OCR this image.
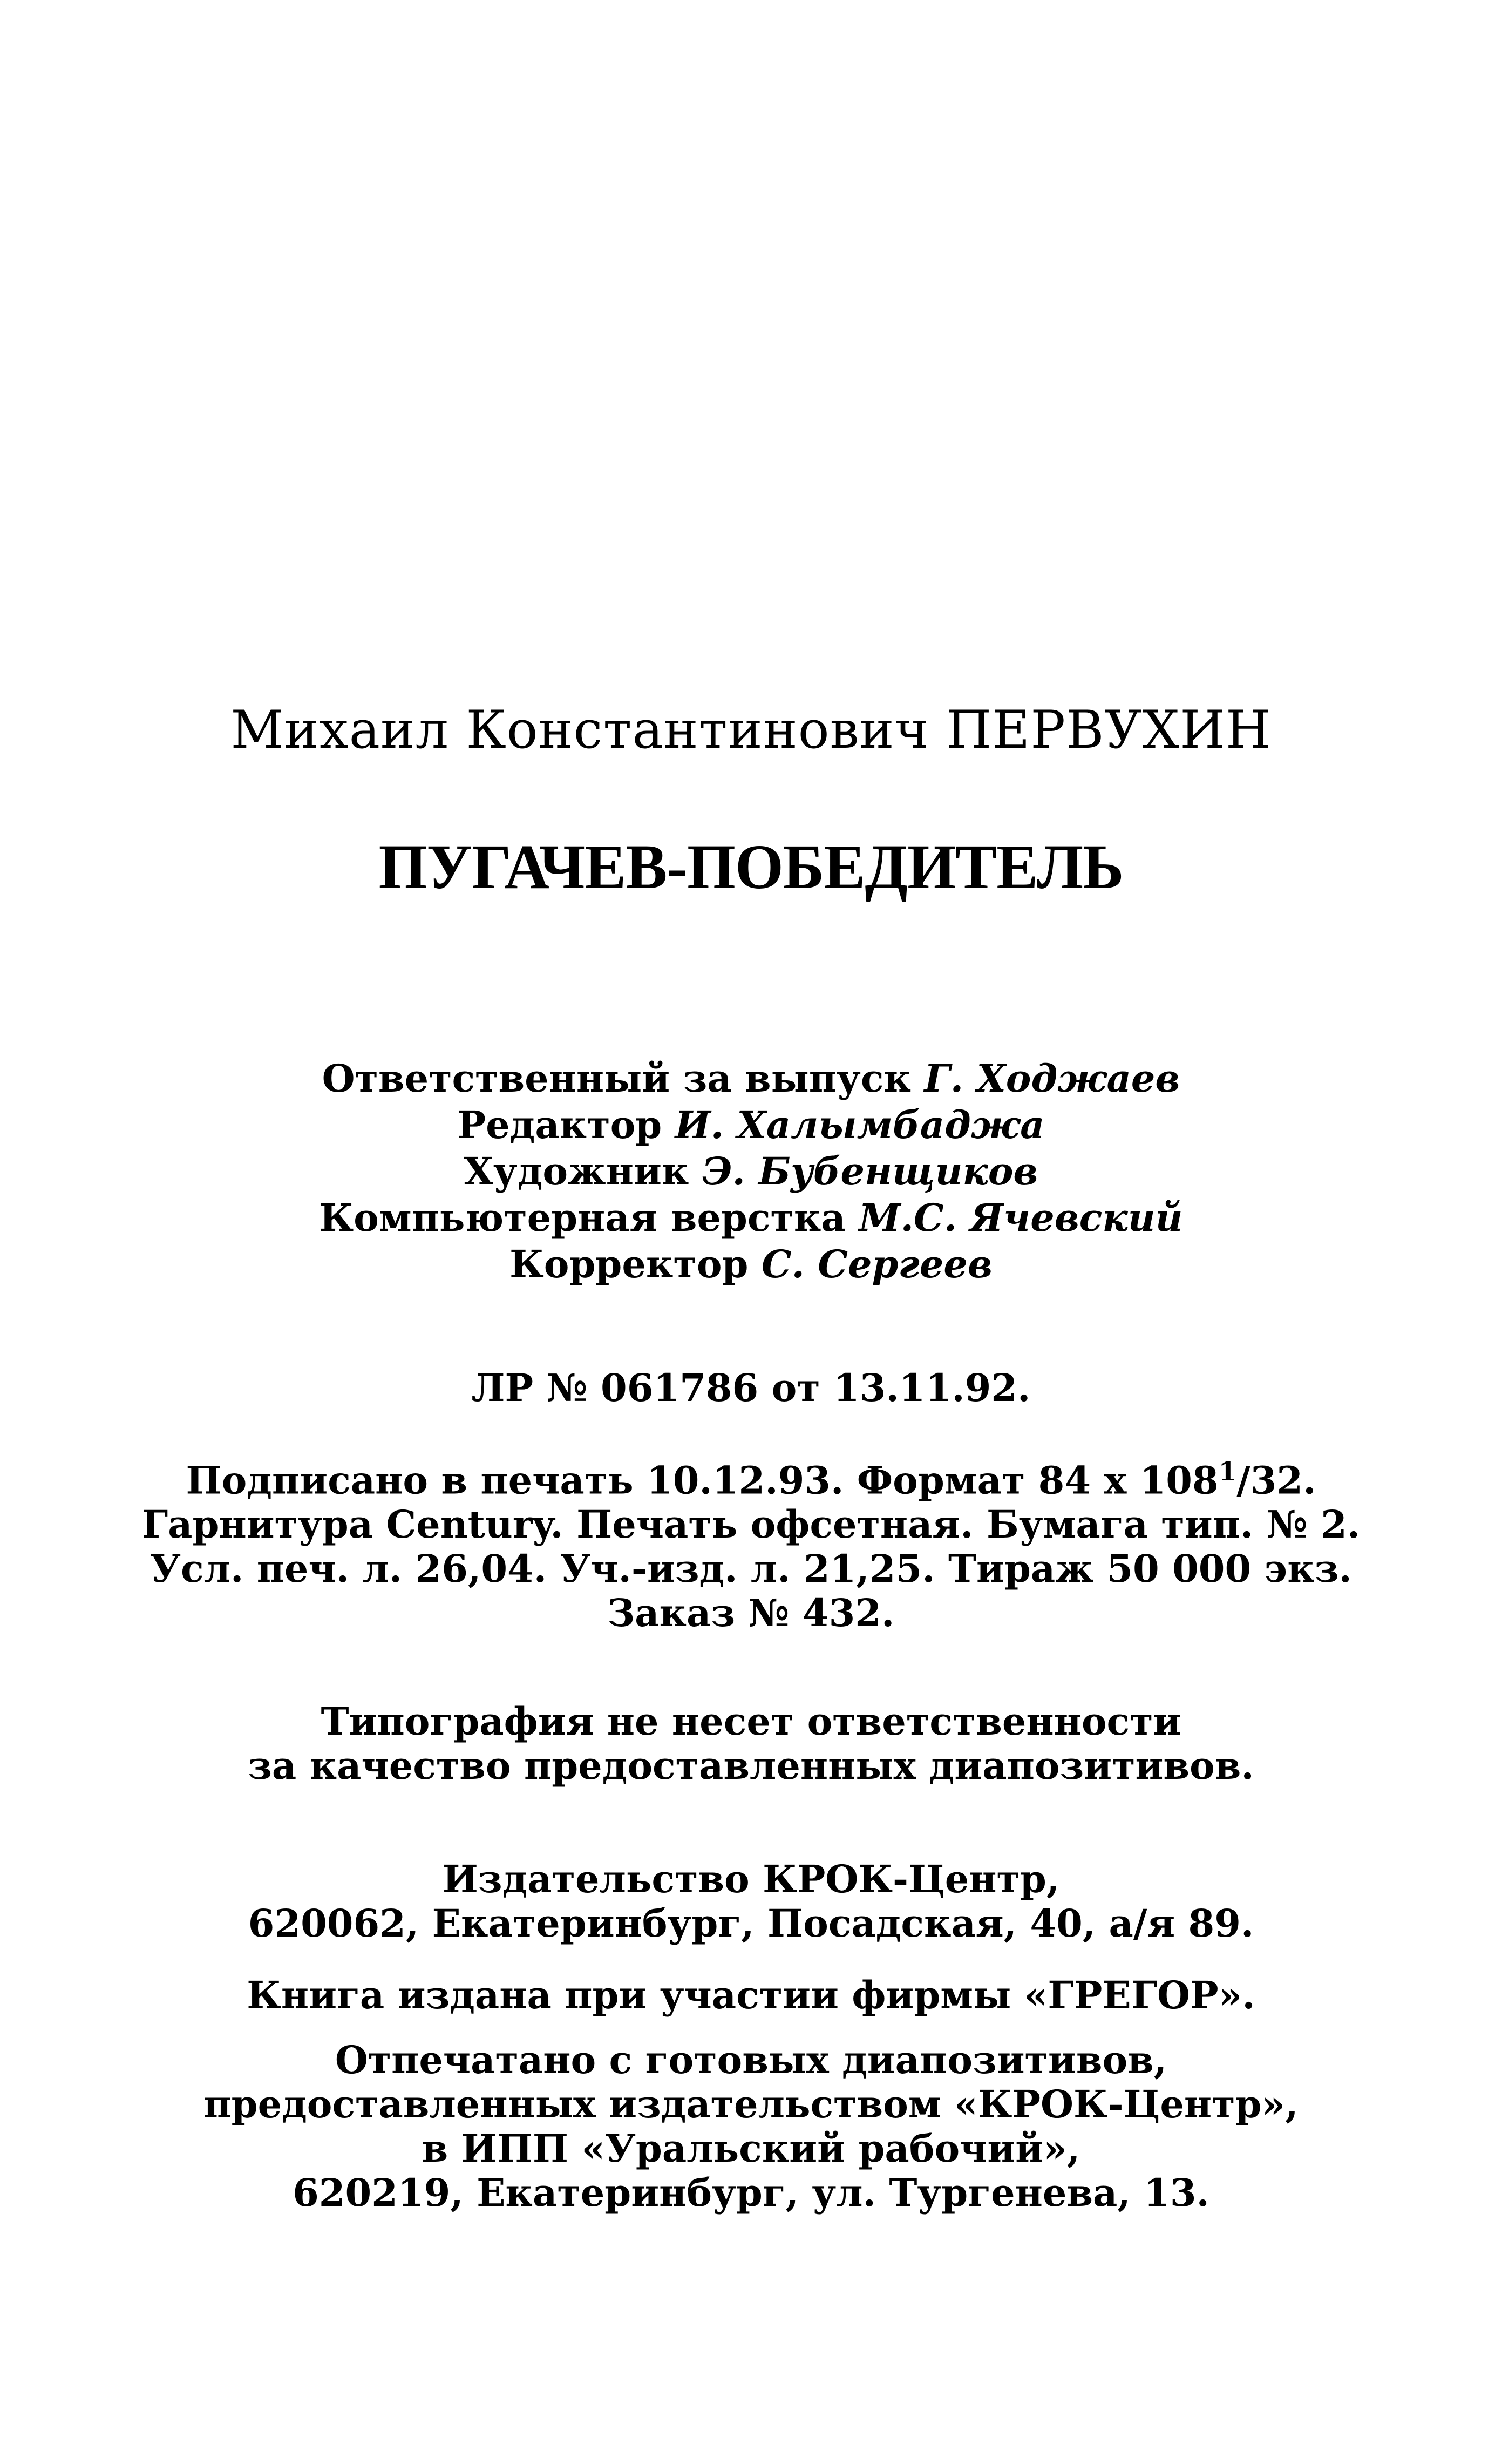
Михаил Константинович ПЕРВУХИН
ПУГАЧЕВ-ПОБЕДИТЕЛЬ
Ответственный за выпуск Г. Ходжаев
Редактор И. Халымбаджа
Художник Э. Бубенщиков
Компьютерная верстка М.С. Ячевский
Корректор С. Сергеев
ЛР № 061786 от 13.11.92.
Подписано в печать 10.12.93. Формат 84 x $108^1/32$.
Гарнитура Century. Печать офсетная. Бумага тип. № 2.
Усл. печ. л. 26,04. Уч.-изд. л. 21,25. Тираж 50 000 экз.
Заказ № 432.
Типография не несет ответственности
за качество предоставленных диапозитивов.
Издательство КРОК-Центр,
620062, Екатеринбург, Посадская, 40, а/я 89.
Книга издана при участии фирмы «ГРЕГОР».
Отпечатано с готовых диапозитивов,
предоставленных издательством «КРОК-Центр»,
в ИПП «Уральский рабочий»,
620219, Екатеринбург, ул. Тургенева, 13.
